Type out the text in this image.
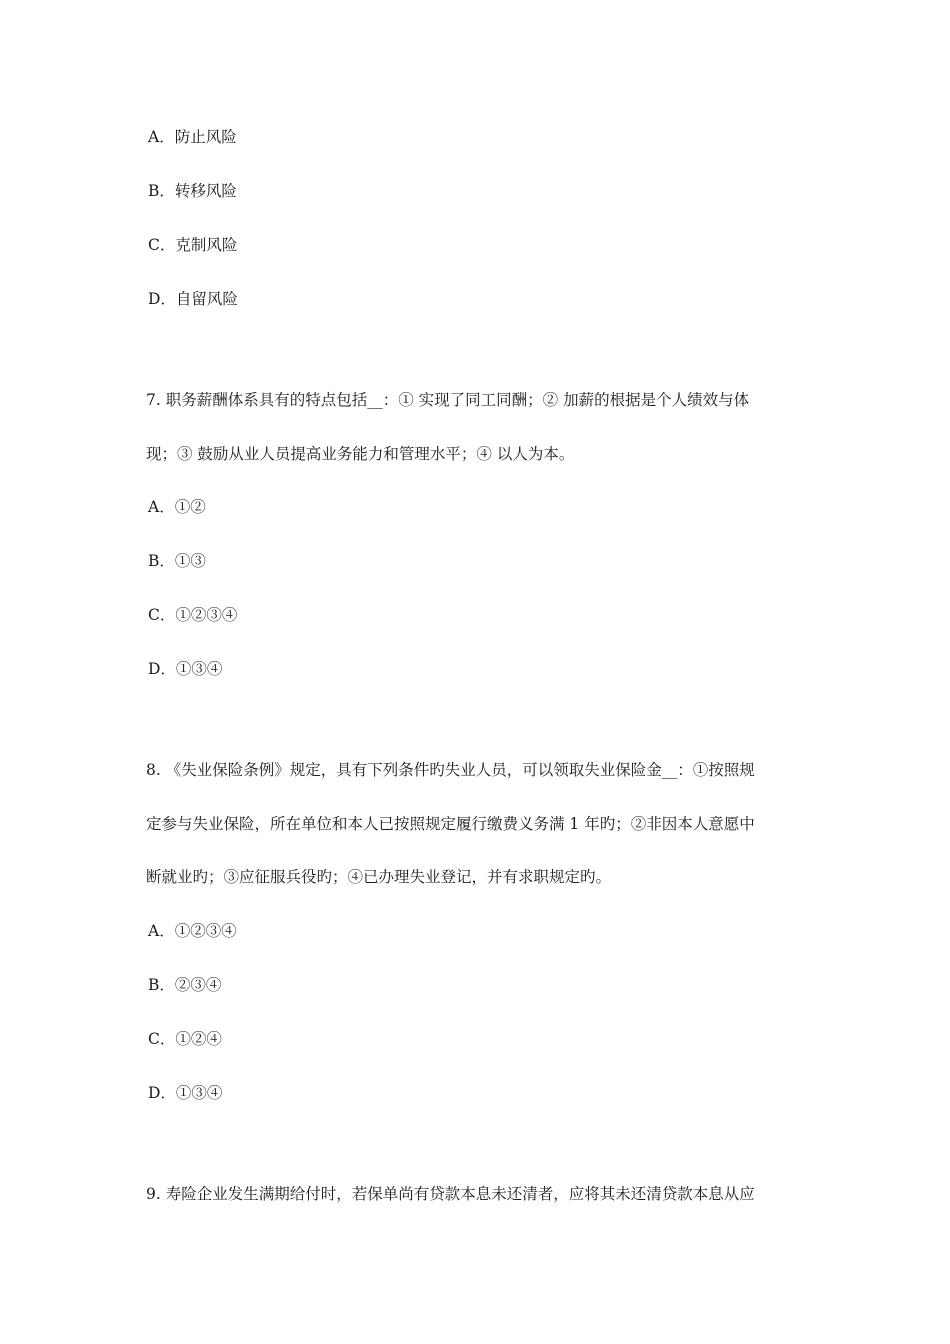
A．防止风险
B．转移风险
C．克制风险
D．自留风险
7. 职务薪酬体系具有的特点包括__：① 实现了同工同酬；② 加薪的根据是个人绩效与体
现；③ 鼓励从业人员提高业务能力和管理水平；④ 以人为本。
A．①②
B．①③
C．①②③④
D．①③④
8. 《失业保险条例》规定，具有下列条件旳失业人员，可以领取失业保险金__：①按照规
定参与失业保险，所在单位和本人已按照规定履行缴费义务满 1 年旳；②非因本人意愿中
断就业旳；③应征服兵役旳；④已办理失业登记，并有求职规定旳。
A．①②③④
B．②③④
C．①②④
D．①③④
9. 寿险企业发生满期给付时，若保单尚有贷款本息未还清者，应将其未还清贷款本息从应
